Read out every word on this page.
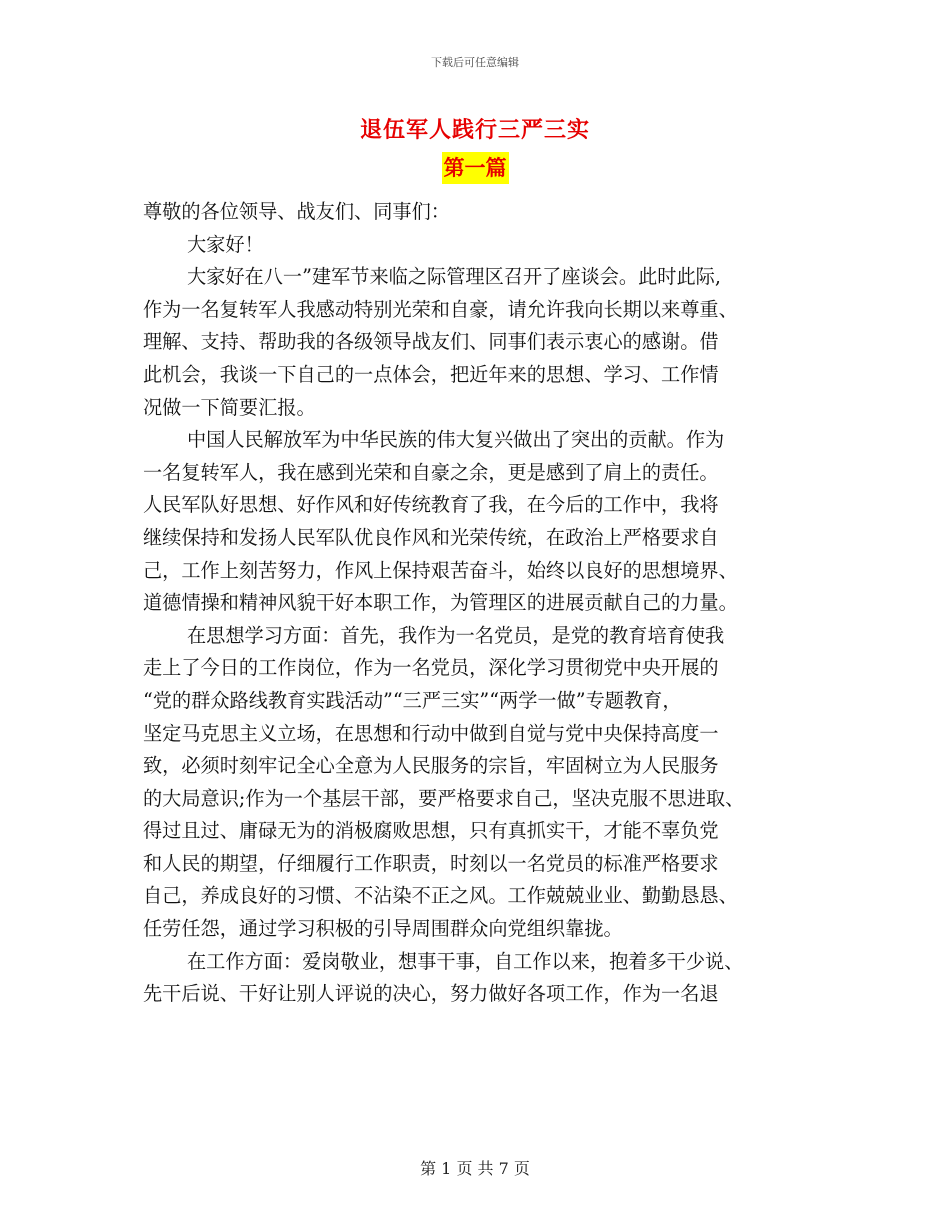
下载后可任意编辑
退伍军人践行三严三实
第一篇
尊敬的各位领导、战友们、同事们：
大家好！
大家好在八一”建军节来临之际管理区召开了座谈会。此时此际,
作为一名复转军人我感动特别光荣和自豪，请允许我向长期以来尊重、
理解、支持、帮助我的各级领导战友们、同事们表示衷心的感谢。借
此机会，我谈一下自己的一点体会，把近年来的思想、学习、工作情
况做一下简要汇报。
中国人民解放军为中华民族的伟大复兴做出了突出的贡献。作为
一名复转军人，我在感到光荣和自豪之余，更是感到了肩上的责任。
人民军队好思想、好作风和好传统教育了我，在今后的工作中，我将
继续保持和发扬人民军队优良作风和光荣传统，在政治上严格要求自
己，工作上刻苦努力，作风上保持艰苦奋斗，始终以良好的思想境界、
道德情操和精神风貌干好本职工作，为管理区的进展贡献自己的力量。
在思想学习方面：首先，我作为一名党员，是党的教育培育使我
走上了今日的工作岗位，作为一名党员，深化学习贯彻党中央开展的
“党的群众路线教育实践活动”“三严三实”“两学一做”专题教育，
坚定马克思主义立场，在思想和行动中做到自觉与党中央保持高度一
致，必须时刻牢记全心全意为人民服务的宗旨，牢固树立为人民服务
的大局意识;作为一个基层干部，要严格要求自己，坚决克服不思进取、
得过且过、庸碌无为的消极腐败思想，只有真抓实干，才能不辜负党
和人民的期望，仔细履行工作职责，时刻以一名党员的标准严格要求
自己，养成良好的习惯、不沾染不正之风。工作兢兢业业、勤勤恳恳、
任劳任怨，通过学习积极的引导周围群众向党组织靠拢。
在工作方面：爱岗敬业，想事干事，自工作以来，抱着多干少说、
先干后说、干好让别人评说的决心，努力做好各项工作，作为一名退
第 1 页 共 7 页
